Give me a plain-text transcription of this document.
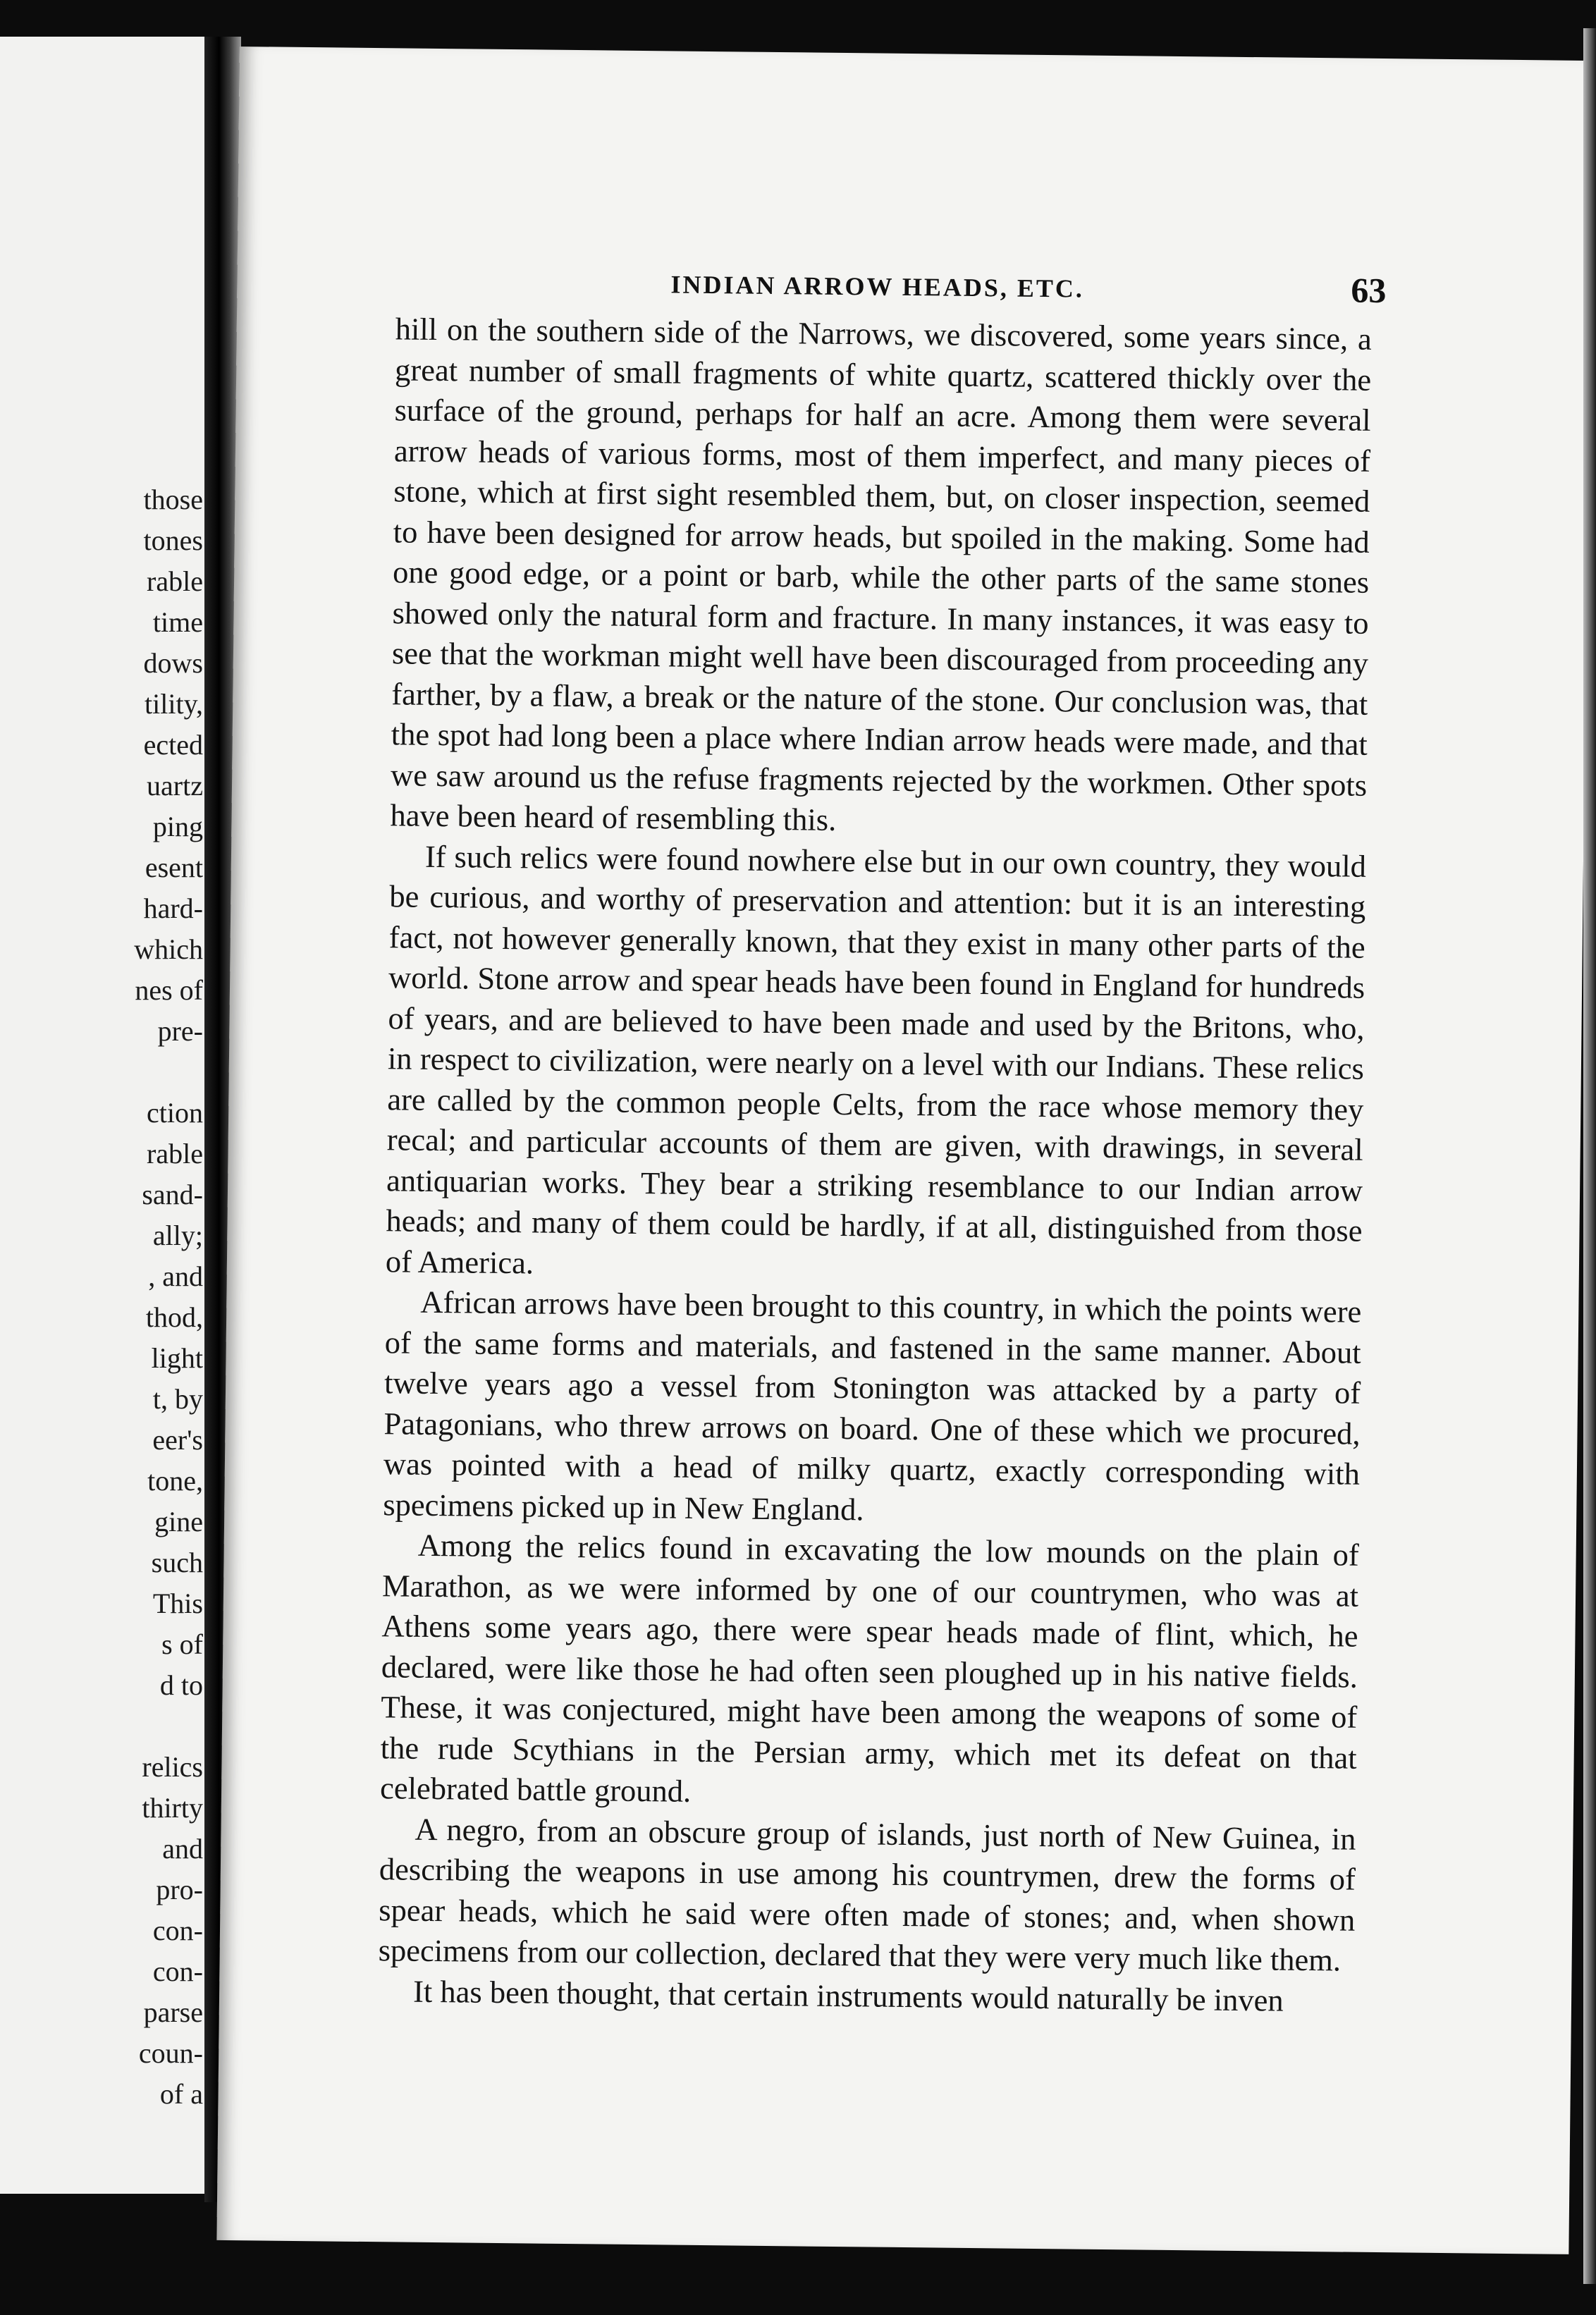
those
tones
rable
time
dows
tility,
ected
uartz
ping
esent
hard-
which
nes of
pre-
ction
rable
sand-
ally;
, and
thod,
light
t, by
eer's
tone,
gine
such
This
s of
d to
relics
thirty
and
pro-
con-
con-
parse
coun-
of a
INDIAN ARROW HEADS, ETC.	63

hill on the southern side of the Narrows, we discovered, some years since, a great number of small fragments of white quartz, scattered thickly over the surface of the ground, perhaps for half an acre. Among them were several arrow heads of various forms, most of them imperfect, and many pieces of stone, which at first sight resembled them, but, on closer inspection, seemed to have been designed for arrow heads, but spoiled in the making. Some had one good edge, or a point or barb, while the other parts of the same stones showed only the natural form and fracture. In many instances, it was easy to see that the workman might well have been discouraged from proceeding any farther, by a flaw, a break or the nature of the stone. Our conclusion was, that the spot had long been a place where Indian arrow heads were made, and that we saw around us the refuse fragments rejected by the workmen. Other spots have been heard of resembling this.

If such relics were found nowhere else but in our own country, they would be curious, and worthy of preservation and attention: but it is an interesting fact, not however generally known, that they exist in many other parts of the world. Stone arrow and spear heads have been found in England for hundreds of years, and are believed to have been made and used by the Britons, who, in respect to civilization, were nearly on a level with our Indians. These relics are called by the common people Celts, from the race whose memory they recal; and particular accounts of them are given, with drawings, in several antiquarian works. They bear a striking resemblance to our Indian arrow heads; and many of them could be hardly, if at all, distinguished from those of America.

African arrows have been brought to this country, in which the points were of the same forms and materials, and fastened in the same manner. About twelve years ago a vessel from Stonington was attacked by a party of Patagonians, who threw arrows on board. One of these which we procured, was pointed with a head of milky quartz, exactly corresponding with specimens picked up in New England.

Among the relics found in excavating the low mounds on the plain of Marathon, as we were informed by one of our countrymen, who was at Athens some years ago, there were spear heads made of flint, which, he declared, were like those he had often seen ploughed up in his native fields. These, it was conjectured, might have been among the weapons of some of the rude Scythians in the Persian army, which met its defeat on that celebrated battle ground.

A negro, from an obscure group of islands, just north of New Guinea, in describing the weapons in use among his countrymen, drew the forms of spear heads, which he said were often made of stones; and, when shown specimens from our collection, declared that they were very much like them.

It has been thought, that certain instruments would naturally be inven
